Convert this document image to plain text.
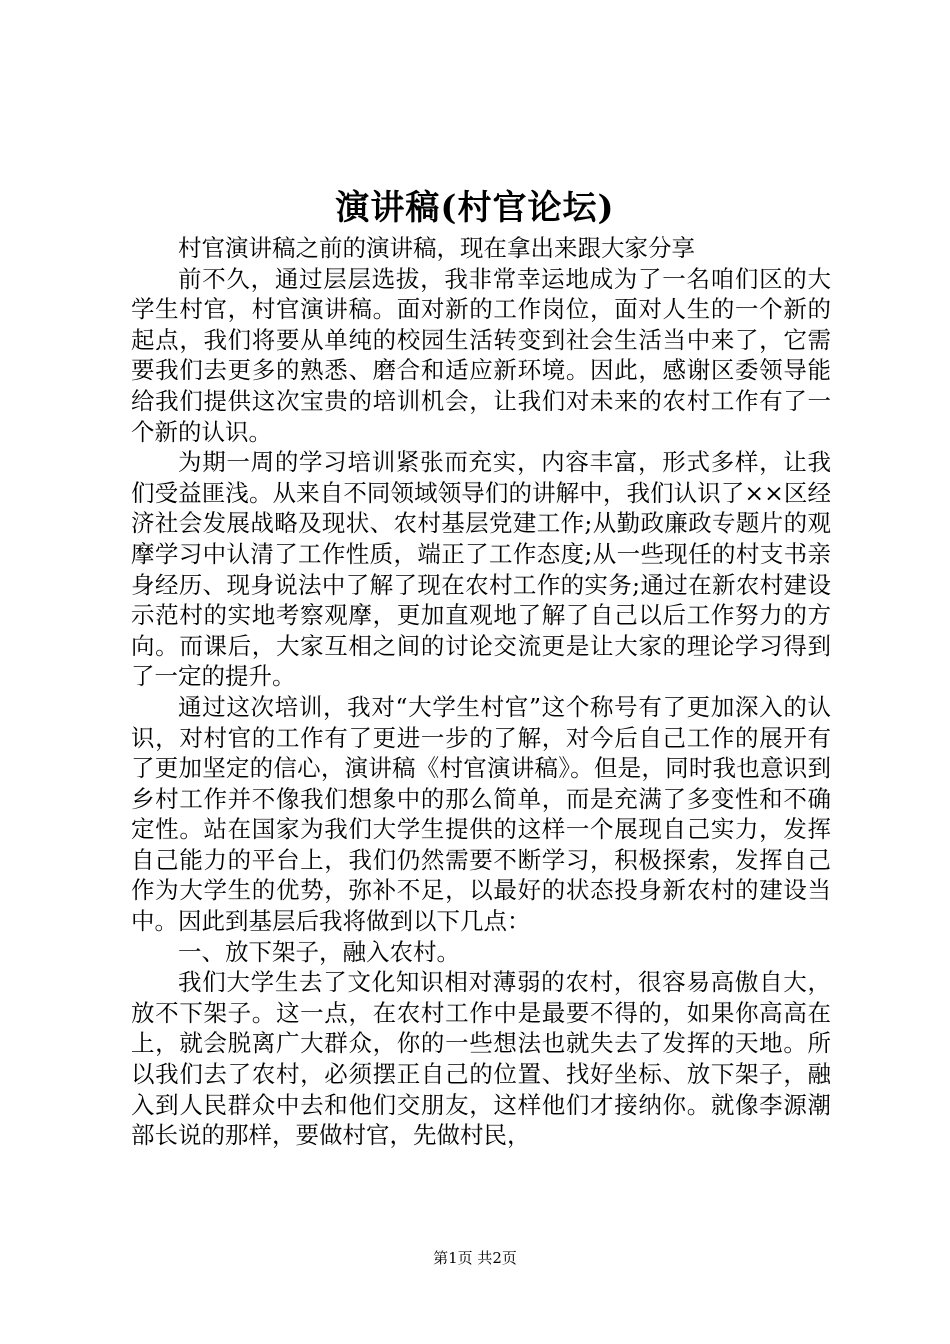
演讲稿(村官论坛)

村官演讲稿之前的演讲稿，现在拿出来跟大家分享

前不久，通过层层选拔，我非常幸运地成为了一名咱们区的大学生村官，村官演讲稿。面对新的工作岗位，面对人生的一个新的起点，我们将要从单纯的校园生活转变到社会生活当中来了，它需要我们去更多的熟悉、磨合和适应新环境。因此，感谢区委领导能给我们提供这次宝贵的培训机会，让我们对未来的农村工作有了一个新的认识。

为期一周的学习培训紧张而充实，内容丰富，形式多样，让我们受益匪浅。从来自不同领域领导们的讲解中，我们认识了××区经济社会发展战略及现状、农村基层党建工作;从勤政廉政专题片的观摩学习中认清了工作性质，端正了工作态度;从一些现任的村支书亲身经历、现身说法中了解了现在农村工作的实务;通过在新农村建设示范村的实地考察观摩，更加直观地了解了自己以后工作努力的方向。而课后，大家互相之间的讨论交流更是让大家的理论学习得到了一定的提升。

通过这次培训，我对“大学生村官”这个称号有了更加深入的认识，对村官的工作有了更进一步的了解，对今后自己工作的展开有了更加坚定的信心，演讲稿《村官演讲稿》。但是，同时我也意识到乡村工作并不像我们想象中的那么简单，而是充满了多变性和不确定性。站在国家为我们大学生提供的这样一个展现自己实力，发挥自己能力的平台上，我们仍然需要不断学习，积极探索，发挥自己作为大学生的优势，弥补不足，以最好的状态投身新农村的建设当中。因此到基层后我将做到以下几点：

一、放下架子，融入农村。

我们大学生去了文化知识相对薄弱的农村，很容易高傲自大，放不下架子。这一点，在农村工作中是最要不得的，如果你高高在上，就会脱离广大群众，你的一些想法也就失去了发挥的天地。所以我们去了农村，必须摆正自己的位置、找好坐标、放下架子，融入到人民群众中去和他们交朋友，这样他们才接纳你。就像李源潮部长说的那样，要做村官，先做村民，

第1页 共2页
